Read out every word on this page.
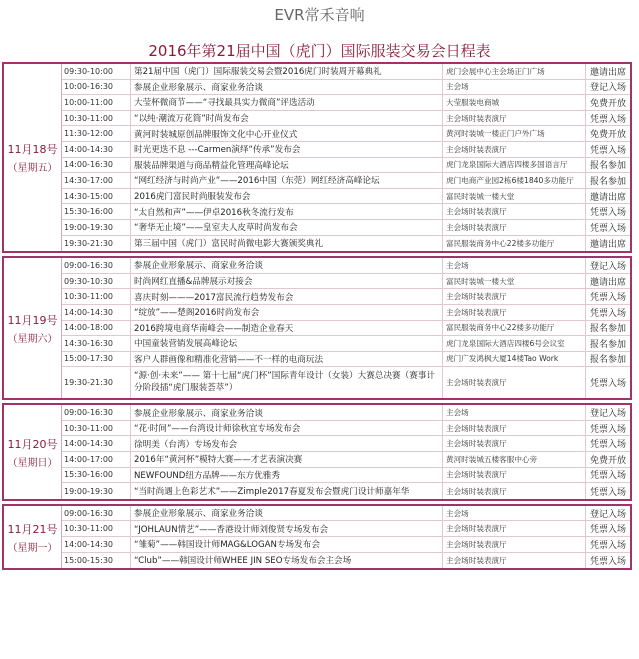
EVR常禾音响
2016年第21届中国（虎门）国际服装交易会日程表
11月18号
（星期五）
09:30-10:00 第21届中国（虎门）国际服装交易会暨2016虎门时装周开幕典礼	虎门会展中心主会场正门广场	邀请出席
10:00-16:30 参展企业形象展示、商家业务洽谈	主会场	登记入场
10:00-11:00 大莹杯微商节——“寻找最具实力微商”评选活动	大莹服装电商城	免费开放
10:30-11:00 “以纯·潮流万花筒”时尚发布会	主会场时装表演厅	凭票入场
11:30-12:00 黄河时装城原创品牌服饰文化中心开业仪式	黄河时装城一楼正门户外广场	免费开放
14:00-14:30 时光更迭不息 ---Carmen演绎“传承”发布会	主会场时装表演厅	凭票入场
14:00-16:30 服装品牌渠道与商品精益化管理高峰论坛	虎门龙泉国际大酒店四楼多国语言厅 报名参加
14:30-17:00 “网红经济与时尚产业”——2016中国（东莞）网红经济高峰论坛	虎门电商产业园2栋6楼1840多功能厅 报名参加
14:30-15:00 2016虎门富民时尚服装发布会	富民时装城一楼大堂	邀请出席
15:30-16:00 “太自然和声”——伊卓2016秋冬流行发布	主会场时装表演厅	凭票入场
19:00-19:30 “奢华无止境”——皇室夫人皮草时尚发布会	主会场时装表演厅	凭票入场
19:30-21:30 第三届中国（虎门）富民时尚微电影大赛颁奖典礼	富民服装商务中心22楼多功能厅	邀请出席
11月19号
（星期六）
09:00-16:30 参展企业形象展示、商家业务洽谈	主会场	登记入场
09:30-10:30 时尚网红直播&品牌展示对接会	富民时装城一楼大堂	邀请出席
10:30-11:00 喜庆时刻———2017富民流行趋势发布会	主会场时装表演厅	凭票入场
14:00-14:30 “绽放”——楚阁2016时尚发布会	主会场时装表演厅	凭票入场
14:00-18:00 2016跨境电商华南峰会——制造企业春天	富民服装商务中心22楼多功能厅	报名参加
14:30-16:30 中国童装营销发展高峰论坛	虎门龙泉国际大酒店四楼6号会议室	报名参加
15:00-17:30 客户人群画像和精准化营销——不一样的电商玩法	虎门广发鸿枫大厦14楼Tao Work	报名参加
19:30-21:30
“源·创·未来”—— 第十七届“虎门杯”国际青年设计（女装）大赛总决赛（赛事计分阶段插“虎门服装荟萃”）	主会场时装表演厅	凭票入场
11月20号
（星期日）
09:00-16:30 参展企业形象展示、商家业务洽谈	主会场	登记入场
10:30-11:00 “花·时间”——台湾设计师徐秋宜专场发布会	主会场时装表演厅	凭票入场
14:00-14:30 徐明美（台湾）专场发布会	主会场时装表演厅	凭票入场
14:00-17:00 2016年“黄河杯”模特大赛——才艺表演决赛	黄河时装城五楼客服中心旁	免费开放
15:30-16:00 NEWFOUND纽方品牌——东方优雅秀	主会场时装表演厅	凭票入场
19:00-19:30 “当时尚遇上色彩艺术”——Zimple2017春夏发布会暨虎门设计师嘉年华	主会场时装表演厅	凭票入场
11月21号
（星期一）
09:00-16:30 参展企业形象展示、商家业务洽谈	主会场	登记入场
10:30-11:00 “JOHLAUN情艺”——香港设计师刘俊贤专场发布会	主会场时装表演厅	凭票入场
14:00-14:30 “雏菊”——韩国设计师MAG&LOGAN专场发布会	主会场时装表演厅	凭票入场
15:00-15:30 “Club”——韩国设计师WHEE JIN SEO专场发布会主会场	主会场时装表演厅	凭票入场
